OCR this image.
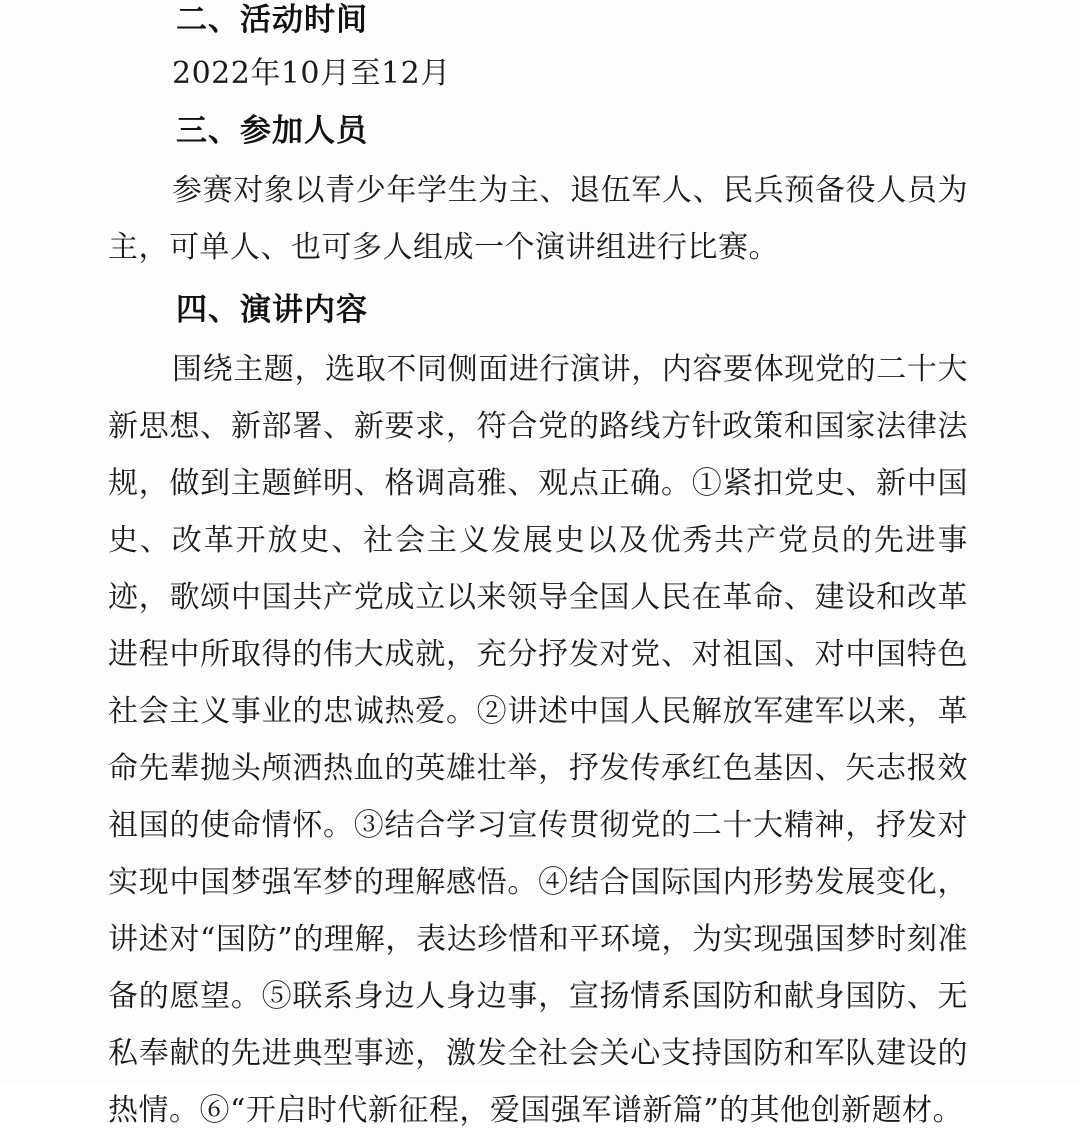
二、活动时间

2022年10月至12月

三、参加人员

参赛对象以青少年学生为主、退伍军人、民兵预备役人员为主，可单人、也可多人组成一个演讲组进行比赛。

四、演讲内容

围绕主题，选取不同侧面进行演讲，内容要体现党的二十大新思想、新部署、新要求，符合党的路线方针政策和国家法律法规，做到主题鲜明、格调高雅、观点正确。①紧扣党史、新中国史、改革开放史、社会主义发展史以及优秀共产党员的先进事迹，歌颂中国共产党成立以来领导全国人民在革命、建设和改革进程中所取得的伟大成就，充分抒发对党、对祖国、对中国特色社会主义事业的忠诚热爱。②讲述中国人民解放军建军以来，革命先辈抛头颅洒热血的英雄壮举，抒发传承红色基因、矢志报效祖国的使命情怀。③结合学习宣传贯彻党的二十大精神，抒发对实现中国梦强军梦的理解感悟。④结合国际国内形势发展变化，讲述对“国防”的理解，表达珍惜和平环境，为实现强国梦时刻准备的愿望。⑤联系身边人身边事，宣扬情系国防和献身国防、无私奉献的先进典型事迹，激发全社会关心支持国防和军队建设的热情。⑥“开启时代新征程，爱国强军谱新篇”的其他创新题材。
